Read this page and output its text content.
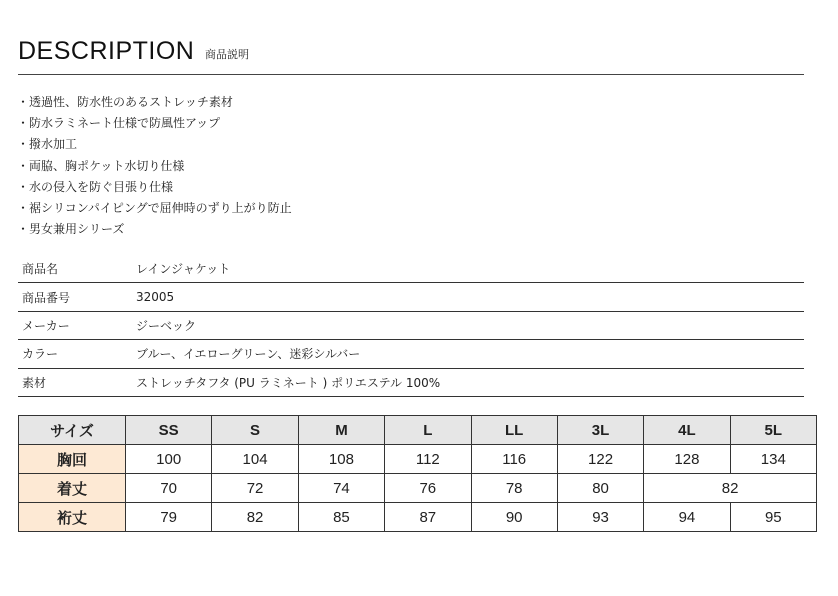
DESCRIPTION 商品説明
・透過性、防水性のあるストレッチ素材
・防水ラミネート仕様で防風性アップ
・撥水加工
・両脇、胸ポケット水切り仕様
・水の侵入を防ぐ目張り仕様
・裾シリコンパイピングで屈伸時のずり上がり防止
・男女兼用シリーズ
商品名	レインジャケット
商品番号	32005
メーカー	ジーベック
カラー	ブルー、イエローグリーン、迷彩シルバー
素材	ストレッチタフタ (PU ラミネート ) ポリエステル 100%
サイズ	SS	S	M	L	LL	3L	4L	5L
胸回	100	104	108	112	116	122	128	134
着丈	70	72	74	76	78	80	82	
裄丈	79	82	85	87	90	93	94	95
